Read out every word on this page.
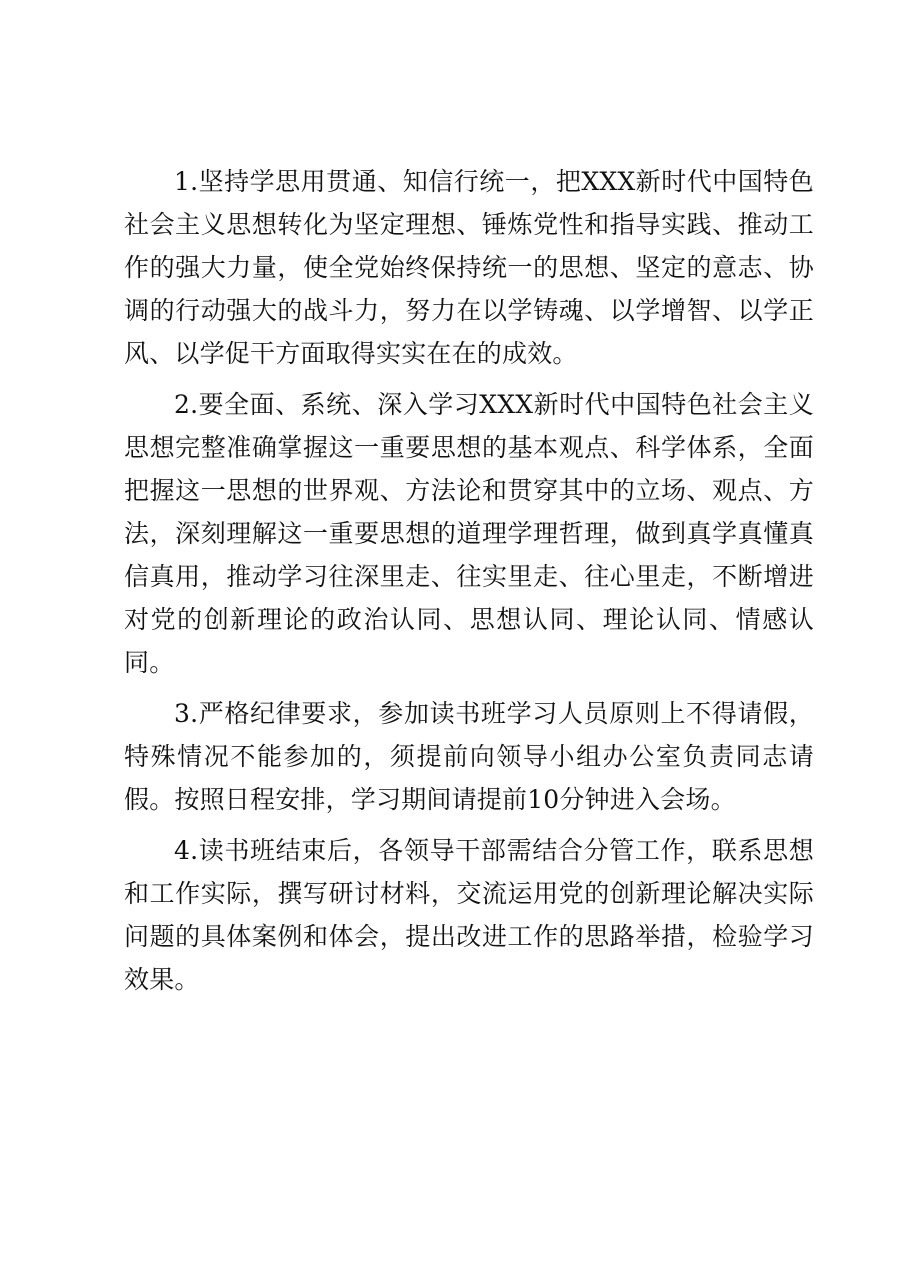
1.坚持学思用贯通、知信行统一，把XXX新时代中国特色社会主义思想转化为坚定理想、锤炼党性和指导实践、推动工作的强大力量，使全党始终保持统一的思想、坚定的意志、协调的行动强大的战斗力，努力在以学铸魂、以学增智、以学正风、以学促干方面取得实实在在的成效。

2.要全面、系统、深入学习XXX新时代中国特色社会主义思想完整准确掌握这一重要思想的基本观点、科学体系，全面把握这一思想的世界观、方法论和贯穿其中的立场、观点、方法，深刻理解这一重要思想的道理学理哲理，做到真学真懂真信真用，推动学习往深里走、往实里走、往心里走，不断增进对党的创新理论的政治认同、思想认同、理论认同、情感认同。

3.严格纪律要求，参加读书班学习人员原则上不得请假，特殊情况不能参加的，须提前向领导小组办公室负责同志请假。按照日程安排，学习期间请提前10分钟进入会场。

4.读书班结束后，各领导干部需结合分管工作，联系思想和工作实际，撰写研讨材料，交流运用党的创新理论解决实际问题的具体案例和体会，提出改进工作的思路举措，检验学习效果。
